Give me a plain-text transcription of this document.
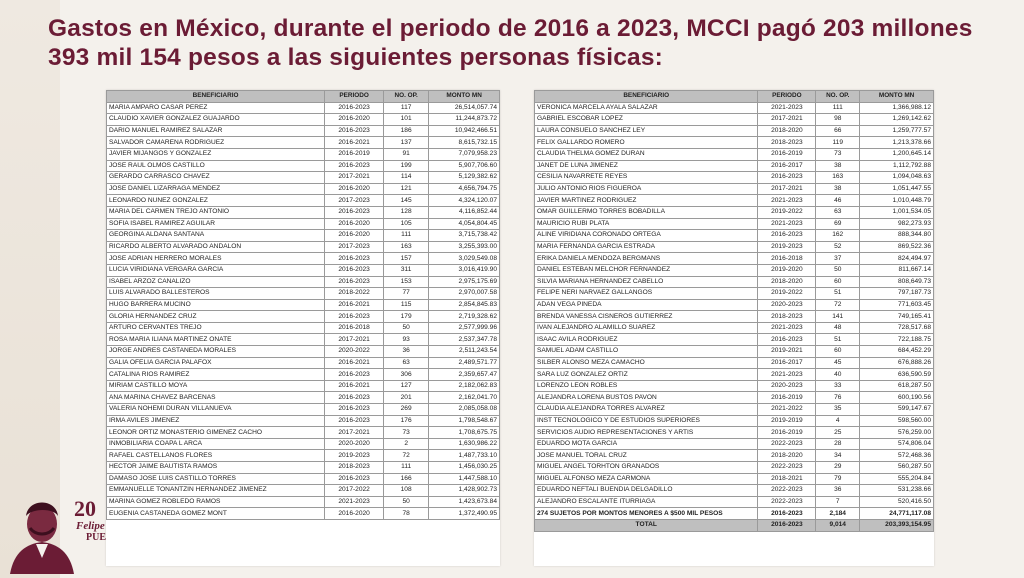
Gastos en México, durante el periodo de 2016 a 2023, MCCI pagó 203 millones 393 mil 154 pesos a las siguientes personas físicas:
BENEFICIARIO	PERIODO	NO. OP.	MONTO MN
MARIA AMPARO CASAR PEREZ	2016-2023	117	26,514,057.74
CLAUDIO XAVIER GONZALEZ GUAJARDO	2016-2020	101	11,244,873.72
DARIO MANUEL RAMIREZ SALAZAR	2016-2023	186	10,942,466.51
SALVADOR CAMARENA RODRIGUEZ	2016-2021	137	8,615,732.15
JAVIER MIJANGOS Y GONZALEZ	2016-2019	91	7,079,958.23
JOSE RAUL OLMOS CASTILLO	2016-2023	199	5,907,706.60
GERARDO CARRASCO CHAVEZ	2017-2021	114	5,129,382.62
JOSE DANIEL LIZARRAGA MENDEZ	2016-2020	121	4,656,794.75
LEONARDO NUNEZ GONZALEZ	2017-2023	145	4,324,120.07
MARIA DEL CARMEN TREJO ANTONIO	2016-2023	128	4,116,852.44
SOFIA ISABEL RAMIREZ AGUILAR	2016-2020	105	4,054,804.45
GEORGINA ALDANA SANTANA	2016-2020	111	3,715,738.42
RICARDO ALBERTO ALVARADO ANDALON	2017-2023	163	3,255,393.00
JOSE ADRIAN HERRERO MORALES	2016-2023	157	3,029,549.08
LUCIA VIRIDIANA VERGARA GARCIA	2016-2023	311	3,016,419.90
ISABEL ARZOZ CANALIZO	2016-2023	153	2,975,175.69
LUIS ALVARADO BALLESTEROS	2018-2022	77	2,970,007.58
HUGO BARRERA MUCINO	2016-2021	115	2,854,845.83
GLORIA HERNANDEZ CRUZ	2016-2023	179	2,719,328.62
ARTURO CERVANTES TREJO	2016-2018	50	2,577,999.96
ROSA MARIA ILIANA MARTINEZ ONATE	2017-2021	93	2,537,347.78
JORGE ANDRES CASTANEDA MORALES	2020-2022	36	2,511,243.54
GALIA OFELIA GARCIA PALAFOX	2016-2021	63	2,489,571.77
CATALINA RIOS RAMIREZ	2016-2023	306	2,359,657.47
MIRIAM CASTILLO MOYA	2016-2021	127	2,182,062.83
ANA MARINA CHAVEZ BARCENAS	2016-2023	201	2,162,041.70
VALERIA NOHEMI DURAN VILLANUEVA	2016-2023	269	2,085,058.08
IRMA AVILES JIMENEZ	2016-2023	176	1,798,548.67
LEONOR ORTIZ MONASTERIO GIMENEZ CACHO	2017-2021	73	1,708,675.75
INMOBILIARIA COAPA L ARCA	2020-2020	2	1,630,986.22
RAFAEL CASTELLANOS FLORES	2019-2023	72	1,487,733.10
HECTOR JAIME BAUTISTA RAMOS	2018-2023	111	1,456,030.25
DAMASO JOSE LUIS CASTILLO TORRES	2016-2023	166	1,447,588.10
EMMANUELLE TONANTZIN HERNANDEZ JIMENEZ	2017-2022	108	1,428,902.73
MARINA GOMEZ ROBLEDO RAMOS	2021-2023	50	1,423,673.84
EUGENIA CASTANEDA GOMEZ MONT	2016-2020	78	1,372,490.95
BENEFICIARIO	PERIODO	NO. OP.	MONTO MN
VERONICA MARCELA AYALA SALAZAR	2021-2023	111	1,366,988.12
GABRIEL ESCOBAR LOPEZ	2017-2021	98	1,269,142.62
LAURA CONSUELO SANCHEZ LEY	2018-2020	66	1,259,777.57
FELIX GALLARDO ROMERO	2018-2023	119	1,213,378.66
CLAUDIA THELMA GOMEZ DURAN	2016-2019	73	1,200,645.14
JANET DE LUNA JIMENEZ	2016-2017	38	1,112,792.88
CESILIA NAVARRETE REYES	2016-2023	163	1,094,048.63
JULIO ANTONIO RIOS FIGUEROA	2017-2021	38	1,051,447.55
JAVIER MARTINEZ RODRIGUEZ	2021-2023	46	1,010,448.79
OMAR GUILLERMO TORRES BOBADILLA	2019-2022	63	1,001,534.05
MAURICIO RUBI PLATA	2021-2023	69	982,273.93
ALINE VIRIDIANA CORONADO ORTEGA	2016-2023	162	888,344.80
MARIA FERNANDA GARCIA ESTRADA	2019-2023	52	869,522.36
ERIKA DANIELA MENDOZA BERGMANS	2016-2018	37	824,494.97
DANIEL ESTEBAN MELCHOR FERNANDEZ	2019-2020	50	811,667.14
SILVIA MARIANA HERNANDEZ CABELLO	2018-2020	60	808,649.73
FELIPE NERI NARVAEZ GALLANGOS	2019-2022	51	797,187.73
ADAN VEGA PINEDA	2020-2023	72	771,603.45
BRENDA VANESSA CISNEROS GUTIERREZ	2018-2023	141	749,165.41
IVAN ALEJANDRO ALAMILLO SUAREZ	2021-2023	48	728,517.68
ISAAC AVILA RODRIGUEZ	2016-2023	51	722,188.75
SAMUEL ADAM CASTILLO	2019-2021	60	684,452.29
SILBER ALONSO MEZA CAMACHO	2016-2017	45	676,888.26
SARA LUZ GONZALEZ ORTIZ	2021-2023	40	636,590.59
LORENZO LEON ROBLES	2020-2023	33	618,287.50
ALEJANDRA LORENA BUSTOS PAVON	2016-2019	76	600,190.56
CLAUDIA ALEJANDRA TORRES ALVAREZ	2021-2022	35	599,147.67
INST TECNOLOGICO Y DE ESTUDIOS SUPERIORES	2019-2019	4	598,560.00
SERVICIOS AUDIO REPRESENTACIONES Y ARTIS	2016-2019	25	576,259.00
EDUARDO MOTA GARCIA	2022-2023	28	574,806.04
JOSE MANUEL TORAL CRUZ	2018-2020	34	572,468.36
MIGUEL ANGEL TORHTON GRANADOS	2022-2023	29	560,287.50
MIGUEL ALFONSO MEZA CARMONA	2018-2021	79	555,204.84
EDUARDO NEFTALI BUENDIA DELGADILLO	2022-2023	36	531,238.66
ALEJANDRO ESCALANTE ITURRIAGA	2022-2023	7	520,416.50
274 SUJETOS POR MONTOS MENORES A $500 MIL PESOS	2016-2023	2,184	24,771,117.08
TOTAL	2016-2023	9,014	203,393,154.95
20
Felipe
PUE
